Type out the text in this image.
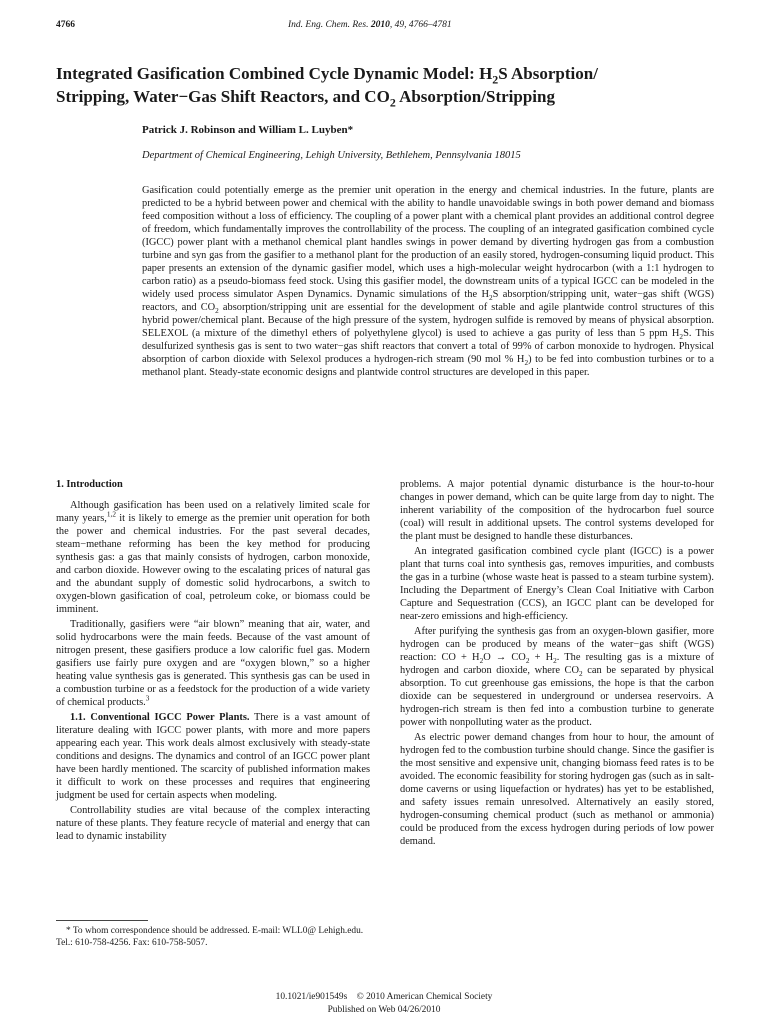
4766	Ind. Eng. Chem. Res. 2010, 49, 4766–4781
Integrated Gasification Combined Cycle Dynamic Model: $H_2S$ Absorption/
Stripping, Water−Gas Shift Reactors, and $CO_2$ Absorption/Stripping
Patrick J. Robinson and William L. Luyben*
Department of Chemical Engineering, Lehigh University, Bethlehem, Pennsylvania 18015

Gasification could potentially emerge as the premier unit operation in the energy and chemical industries. In the future, plants are predicted to be a hybrid between power and chemical with the ability to handle unavoidable swings in both power demand and biomass feed composition without a loss of efficiency. The coupling of a power plant with a chemical plant provides an additional control degree of freedom, which fundamentally improves the controllability of the process. The coupling of an integrated gasification combined cycle (IGCC) power plant with a methanol chemical plant handles swings in power demand by diverting hydrogen gas from a combustion turbine and syn gas from the gasifier to a methanol plant for the production of an easily stored, hydrogen-consuming liquid product. This paper presents an extension of the dynamic gasifier model, which uses a high-molecular weight hydrocarbon (with a 1:1 hydrogen to carbon ratio) as a pseudo-biomass feed stock. Using this gasifier model, the downstream units of a typical IGCC can be modeled in the widely used process simulator Aspen Dynamics. Dynamic simulations of the $H_2S$ absorption/stripping unit, water−gas shift (WGS) reactors, and $CO_2$ absorption/stripping unit are essential for the development of stable and agile plantwide control structures of this hybrid power/chemical plant. Because of the high pressure of the system, hydrogen sulfide is removed by means of physical absorption. SELEXOL (a mixture of the dimethyl ethers of polyethylene glycol) is used to achieve a gas purity of less than 5 ppm $H_2S$. This desulfurized synthesis gas is sent to two water−gas shift reactors that convert a total of 99% of carbon monoxide to hydrogen. Physical absorption of carbon dioxide with Selexol produces a hydrogen-rich stream (90 mol % $H_2$) to be fed into combustion turbines or to a methanol plant. Steady-state economic designs and plantwide control structures are developed in this paper.

1. Introduction

Although gasification has been used on a relatively limited scale for many years,$^{1,2}$ it is likely to emerge as the premier unit operation for both the power and chemical industries. For the past several decades, steam−methane reforming has been the key method for producing synthesis gas: a gas that mainly consists of hydrogen, carbon monoxide, and carbon dioxide. However owing to the escalating prices of natural gas and the abundant supply of domestic solid hydrocarbons, a switch to oxygen-blown gasification of coal, petroleum coke, or biomass could be imminent.

Traditionally, gasifiers were “air blown” meaning that air, water, and solid hydrocarbons were the main feeds. Because of the vast amount of nitrogen present, these gasifiers produce a low calorific fuel gas. Modern gasifiers use fairly pure oxygen and are “oxygen blown,” so a higher heating value synthesis gas is generated. This synthesis gas can be used in a combustion turbine or as a feedstock for the production of a wide variety of chemical products.$^3$

1.1. Conventional IGCC Power Plants. There is a vast amount of literature dealing with IGCC power plants, with more and more papers appearing each year. This work deals almost exclusively with steady-state conditions and designs. The dynamics and control of an IGCC power plant have been hardly mentioned. The scarcity of published information makes it difficult to work on these processes and requires that engineering judgment be used for certain aspects when modeling.

Controllability studies are vital because of the complex interacting nature of these plants. They feature recycle of material and energy that can lead to dynamic instability

problems. A major potential dynamic disturbance is the hour-to-hour changes in power demand, which can be quite large from day to night. The inherent variability of the composition of the hydrocarbon fuel source (coal) will result in additional upsets. The control systems developed for the plant must be designed to handle these disturbances.

An integrated gasification combined cycle plant (IGCC) is a power plant that turns coal into synthesis gas, removes impurities, and combusts the gas in a turbine (whose waste heat is passed to a steam turbine system). Including the Department of Energy’s Clean Coal Initiative with Carbon Capture and Sequestration (CCS), an IGCC plant can be developed for near-zero emissions and high-efficiency.

After purifying the synthesis gas from an oxygen-blown gasifier, more hydrogen can be produced by means of the water−gas shift (WGS) reaction: CO + $H_2O \to CO_2 + H_2$. The resulting gas is a mixture of hydrogen and carbon dioxide, where $CO_2$ can be separated by physical absorption. To cut greenhouse gas emissions, the hope is that the carbon dioxide can be sequestered in underground or undersea reservoirs. A hydrogen-rich stream is then fed into a combustion turbine to generate power with nonpolluting water as the product.

As electric power demand changes from hour to hour, the amount of hydrogen fed to the combustion turbine should change. Since the gasifier is the most sensitive and expensive unit, changing biomass feed rates is to be avoided. The economic feasibility for storing hydrogen gas (such as in salt-dome caverns or using liquefaction or hydrates) has yet to be established, and safety issues remain unresolved. Alternatively an easily stored, hydrogen-consuming chemical product (such as methanol or ammonia) could be produced from the excess hydrogen during periods of low power demand.

* To whom correspondence should be addressed. E-mail: WLL0@ Lehigh.edu. Tel.: 610-758-4256. Fax: 610-758-5057.
10.1021/ie901549s © 2010 American Chemical Society
Published on Web 04/26/2010
